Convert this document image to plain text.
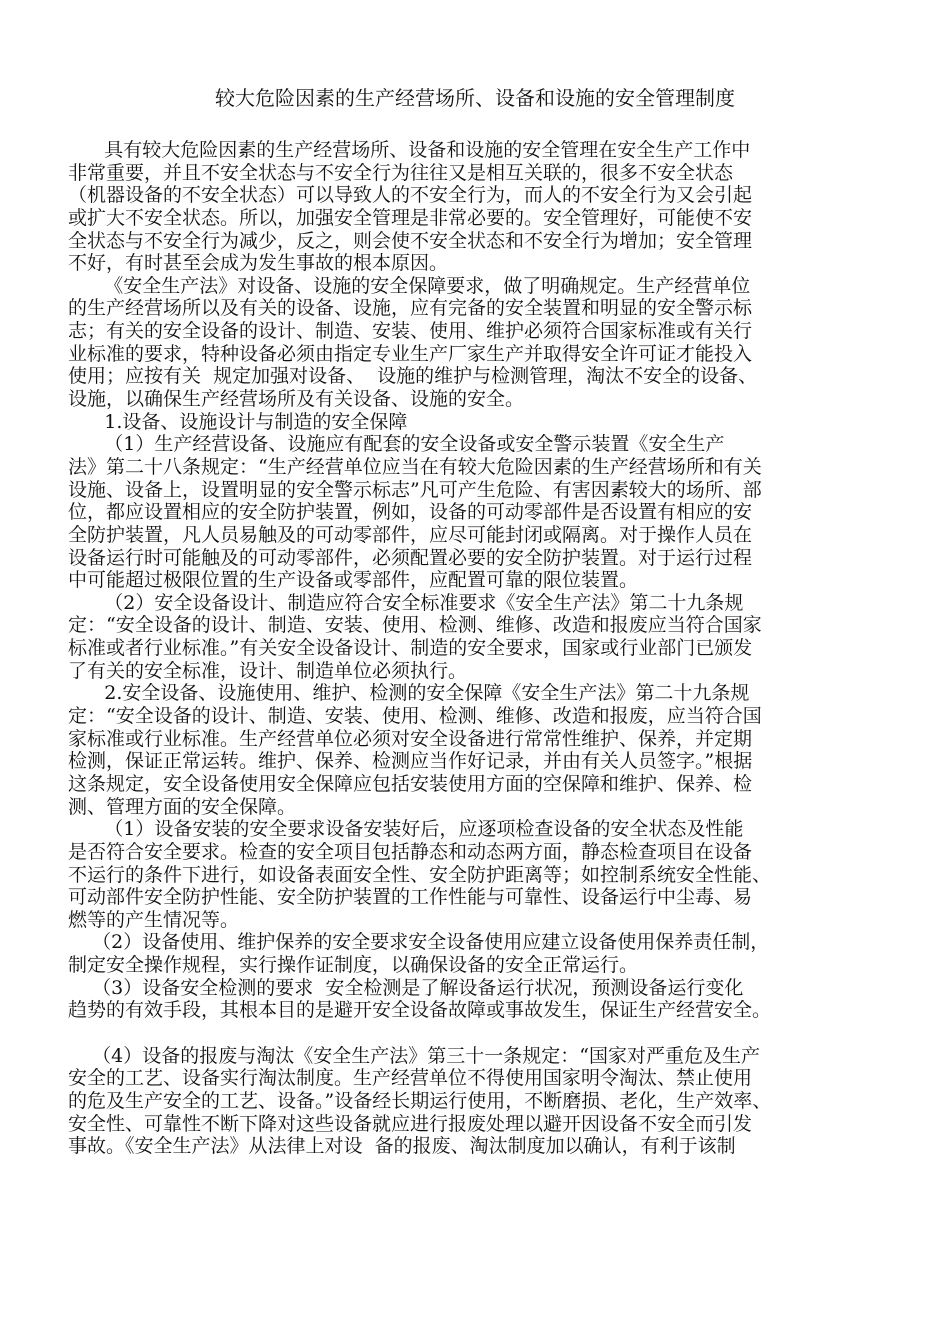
较大危险因素的生产经营场所、设备和设施的安全管理制度
具有较大危险因素的生产经营场所、设备和设施的安全管理在安全生产工作中
非常重要，并且不安全状态与不安全行为往往又是相互关联的，很多不安全状态
（机器设备的不安全状态）可以导致人的不安全行为，而人的不安全行为又会引起
或扩大不安全状态。所以，加强安全管理是非常必要的。安全管理好，可能使不安
全状态与不安全行为减少，反之，则会使不安全状态和不安全行为增加；安全管理
不好，有时甚至会成为发生事故的根本原因。
《安全生产法》对设备、设施的安全保障要求，做了明确规定。生产经营单位
的生产经营场所以及有关的设备、设施，应有完备的安全装置和明显的安全警示标
志；有关的安全设备的设计、制造、安装、使用、维护必须符合国家标准或有关行
业标准的要求，特种设备必须由指定专业生产厂家生产并取得安全许可证才能投入
使用；应按有关  规定加强对设备、  设施的维护与检测管理，淘汰不安全的设备、
设施，以确保生产经营场所及有关设备、设施的安全。
1.设备、设施设计与制造的安全保障
（1）生产经营设备、设施应有配套的安全设备或安全警示装置《安全生产
法》第二十八条规定：“生产经营单位应当在有较大危险因素的生产经营场所和有关
设施、设备上，设置明显的安全警示标志”凡可产生危险、有害因素较大的场所、部
位，都应设置相应的安全防护装置，例如，设备的可动零部件是否设置有相应的安
全防护装置，凡人员易触及的可动零部件，应尽可能封闭或隔离。对于操作人员在
设备运行时可能触及的可动零部件，必须配置必要的安全防护装置。对于运行过程
中可能超过极限位置的生产设备或零部件，应配置可靠的限位装置。
（2）安全设备设计、制造应符合安全标准要求《安全生产法》第二十九条规
定：“安全设备的设计、制造、安装、使用、检测、维修、改造和报废应当符合国家
标准或者行业标准。”有关安全设备设计、制造的安全要求，国家或行业部门已颁发
了有关的安全标准，设计、制造单位必须执行。
2.安全设备、设施使用、维护、检测的安全保障《安全生产法》第二十九条规
定：“安全设备的设计、制造、安装、使用、检测、维修、改造和报废，应当符合国
家标准或行业标准。生产经营单位必须对安全设备进行常常性维护、保养，并定期
检测，保证正常运转。维护、保养、检测应当作好记录，并由有关人员签字。”根据
这条规定，安全设备使用安全保障应包括安装使用方面的空保障和维护、保养、检
测、管理方面的安全保障。
（1）设备安装的安全要求设备安装好后，应逐项检查设备的安全状态及性能
是否符合安全要求。检查的安全项目包括静态和动态两方面，静态检查项目在设备
不运行的条件下进行，如设备表面安全性、安全防护距离等；如控制系统安全性能、
可动部件安全防护性能、安全防护装置的工作性能与可靠性、设备运行中尘毒、易
燃等的产生情况等。
（2）设备使用、维护保养的安全要求安全设备使用应建立设备使用保养责任制，
制定安全操作规程，实行操作证制度，以确保设备的安全正常运行。
（3）设备安全检测的要求  安全检测是了解设备运行状况，预测设备运行变化
趋势的有效手段，其根本目的是避开安全设备故障或事故发生，保证生产经营安全。
（4）设备的报废与淘汰《安全生产法》第三十一条规定：“国家对严重危及生产
安全的工艺、设备实行淘汰制度。生产经营单位不得使用国家明令淘汰、禁止使用
的危及生产安全的工艺、设备。”设备经长期运行使用，不断磨损、老化，生产效率、
安全性、可靠性不断下降对这些设备就应进行报废处理以避开因设备不安全而引发
事故。《安全生产法》从法律上对设  备的报废、淘汰制度加以确认，有利于该制
